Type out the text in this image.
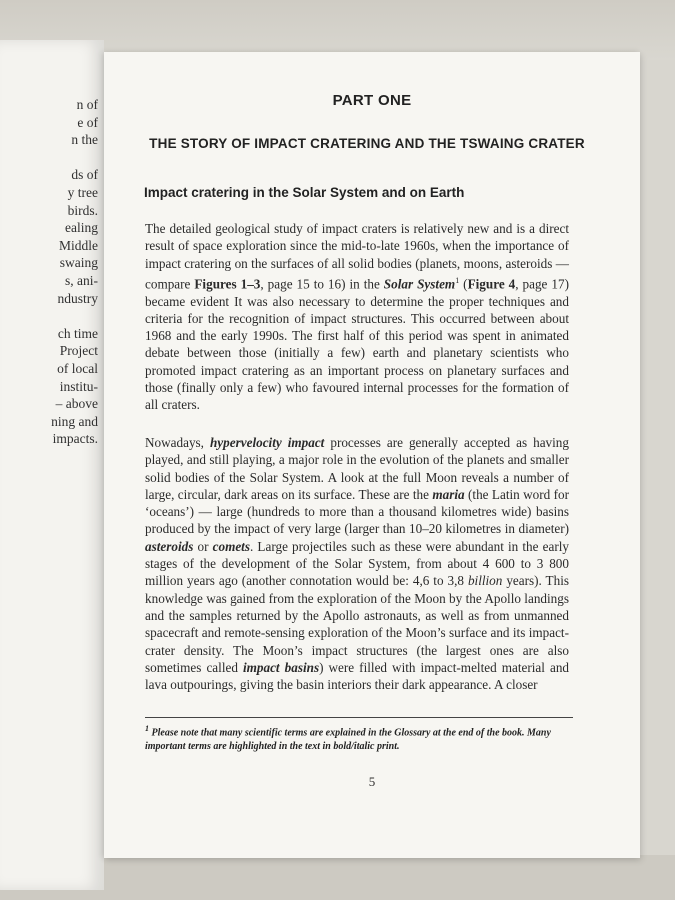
n of
e of
n the

ds of
y tree
birds.
ealing
Middle
swaing
s, ani-
ndustry

ch time
Project
of local
institu-
– above
ning and
impacts.
PART ONE
THE STORY OF IMPACT CRATERING AND THE TSWAING CRATER
Impact cratering in the Solar System and on Earth
The detailed geological study of impact craters is relatively new and is a direct result of space exploration since the mid-to-late 1960s, when the importance of impact cratering on the surfaces of all solid bodies (planets, moons, asteroids — compare Figures 1–3, page 15 to 16) in the Solar System$^1$ (Figure 4, page 17) became evident It was also necessary to determine the proper techniques and criteria for the recognition of impact structures. This occurred between about 1968 and the early 1990s. The first half of this period was spent in animated debate between those (initially a few) earth and planetary scientists who promoted impact cratering as an important process on planetary surfaces and those (finally only a few) who favoured internal processes for the formation of all craters.
Nowadays, hypervelocity impact processes are generally accepted as having played, and still playing, a major role in the evolution of the planets and smaller solid bodies of the Solar System. A look at the full Moon reveals a number of large, circular, dark areas on its surface. These are the maria (the Latin word for ‘oceans’) — large (hundreds to more than a thousand kilometres wide) basins produced by the impact of very large (larger than 10–20 kilometres in diameter) asteroids or comets. Large projectiles such as these were abundant in the early stages of the development of the Solar System, from about 4 600 to 3 800 million years ago (another connotation would be: 4,6 to 3,8 billion years). This knowledge was gained from the exploration of the Moon by the Apollo landings and the samples returned by the Apollo astronauts, as well as from unmanned spacecraft and remote-sensing exploration of the Moon’s surface and its impact-crater density. The Moon’s impact structures (the largest ones are also sometimes called impact basins) were filled with impact-melted material and lava outpourings, giving the basin interiors their dark appearance. A closer
$^1$ Please note that many scientific terms are explained in the Glossary at the end of the book. Many important terms are highlighted in the text in bold/italic print.
5
